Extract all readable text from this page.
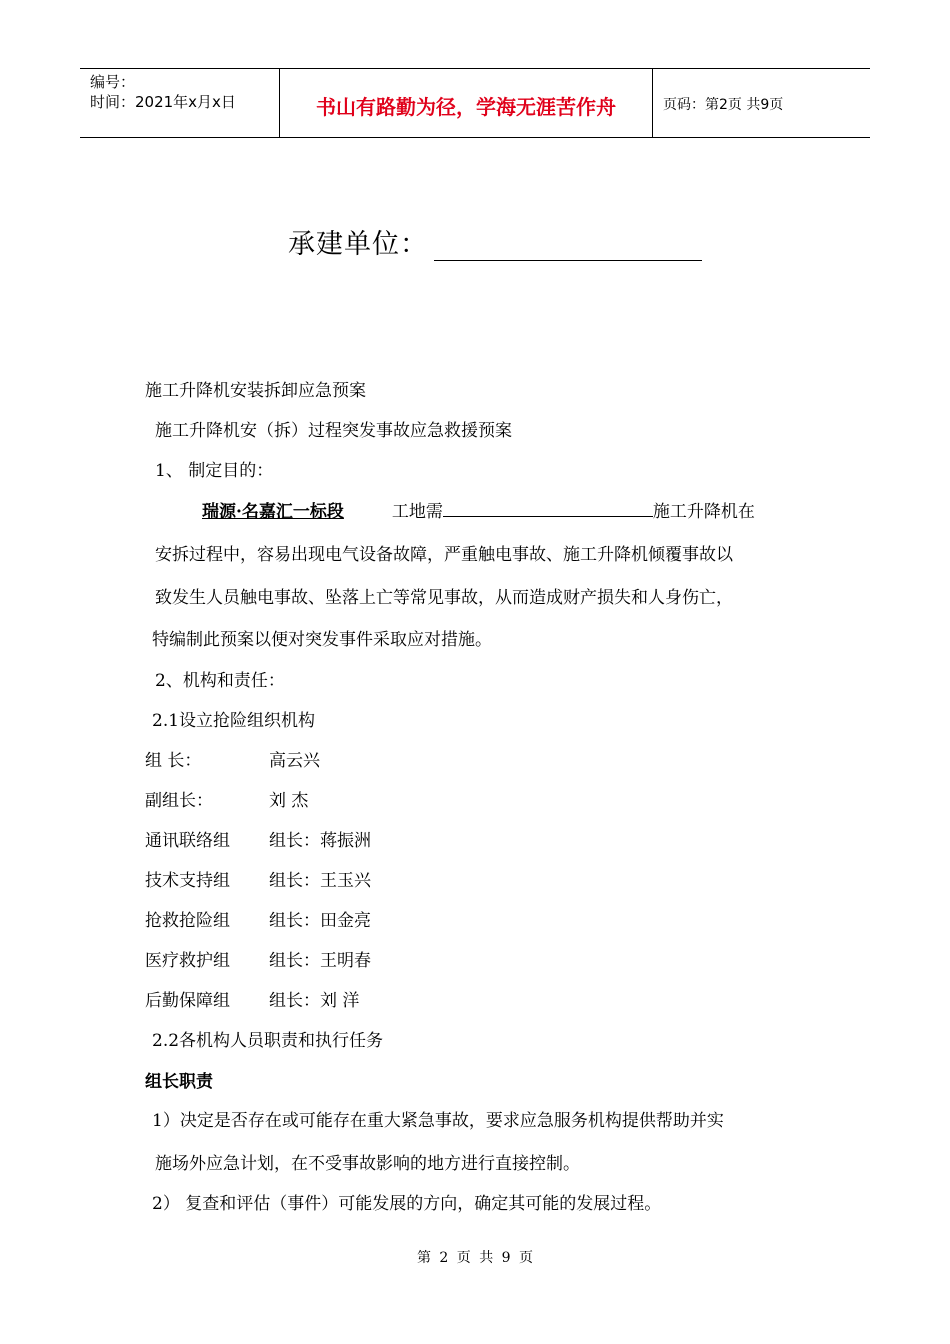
编号：
时间：2021年x月x日	书山有路勤为径，学海无涯苦作舟	页码：第2页 共9页
承建单位：
施工升降机安装拆卸应急预案
施工升降机安（拆）过程突发事故应急救援预案
1、 制定目的：
瑞源·名嘉汇一标段	工地需	施工升降机在
安拆过程中，容易出现电气设备故障，严重触电事故、施工升降机倾覆事故以
致发生人员触电事故、坠落上亡等常见事故，从而造成财产损失和人身伤亡，
特编制此预案以便对突发事件采取应对措施。
2、机构和责任：
2.1设立抢险组织机构
组 长：	高云兴
副组长：	刘 杰
通讯联络组 组长：蒋振洲
技术支持组 组长：王玉兴
抢救抢险组 组长：田金亮
医疗救护组 组长：王明春
后勤保障组 组长：刘 洋
2.2各机构人员职责和执行任务
组长职责
1）决定是否存在或可能存在重大紧急事故，要求应急服务机构提供帮助并实
施场外应急计划，在不受事故影响的地方进行直接控制。
2） 复查和评估（事件）可能发展的方向，确定其可能的发展过程。
第 2 页 共 9 页
